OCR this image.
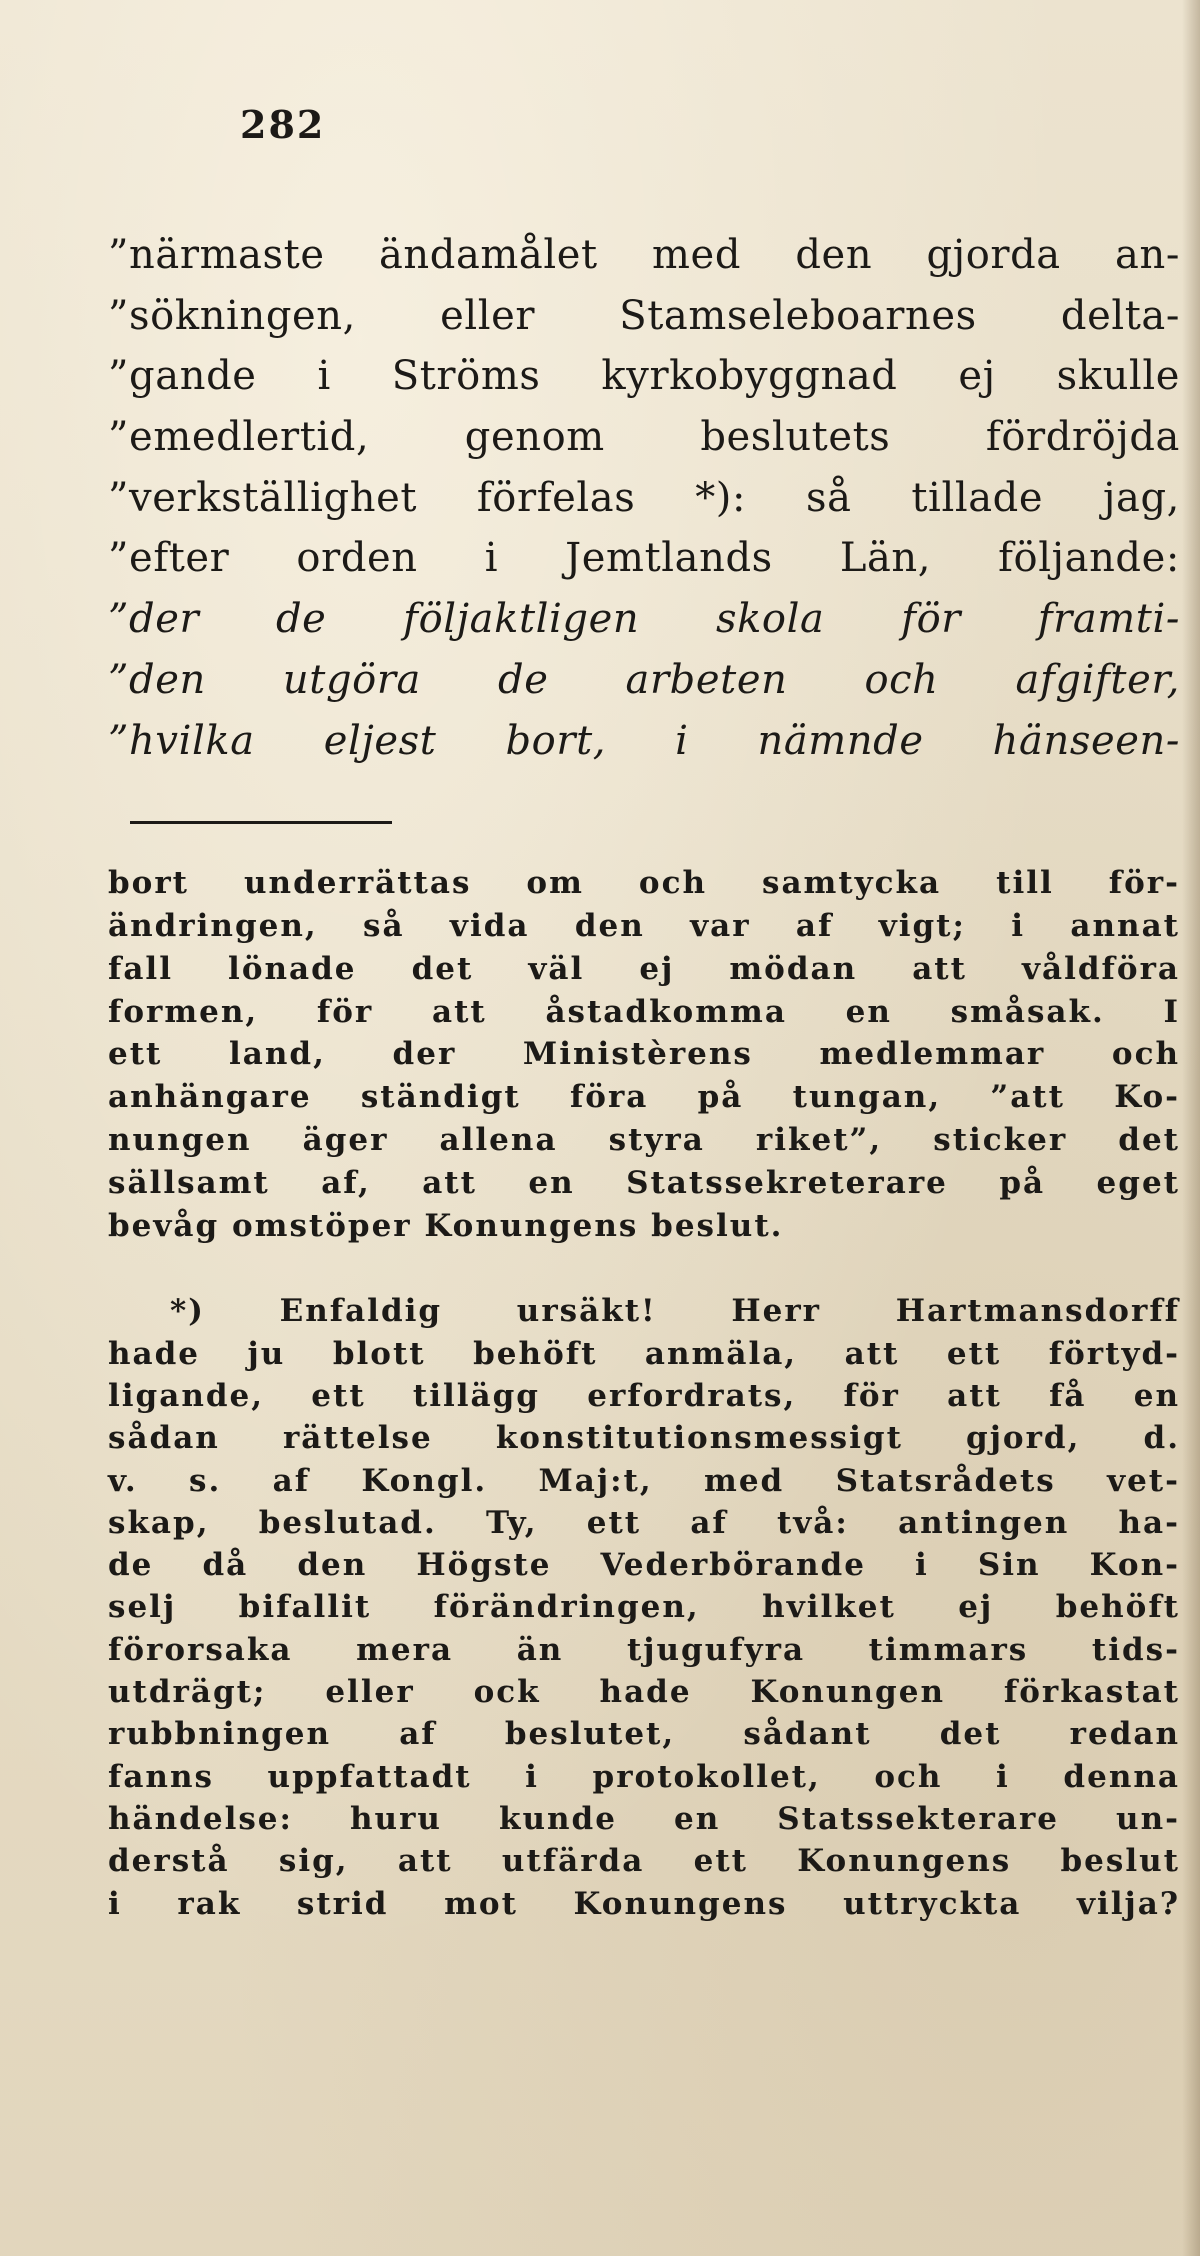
282
”närmaste ändamålet med den gjorda an-
”sökningen, eller Stamseleboarnes delta-
”gande i Ströms kyrkobyggnad ej skulle
”emedlertid, genom beslutets fördröjda
”verkställighet förfelas *): så tillade jag,
”efter orden i Jemtlands Län, följande:
”der de följaktligen skola för framti-
”den utgöra de arbeten och afgifter,
”hvilka eljest bort, i nämnde hänseen-
bort underrättas om och samtycka till för-
ändringen, så vida den var af vigt; i annat
fall lönade det väl ej mödan att våldföra
formen, för att åstadkomma en småsak. I
ett land, der Ministèrens medlemmar och
anhängare ständigt föra på tungan, ”att Ko-
nungen äger allena styra riket”, sticker det
sällsamt af, att en Statssekreterare på eget
bevåg omstöper Konungens beslut.
*) Enfaldig ursäkt! Herr Hartmansdorff
hade ju blott behöft anmäla, att ett förtyd-
ligande, ett tillägg erfordrats, för att få en
sådan rättelse konstitutionsmessigt gjord, d.
v. s. af Kongl. Maj:t, med Statsrådets vet-
skap, beslutad. Ty, ett af två: antingen ha-
de då den Högste Vederbörande i Sin Kon-
selj bifallit förändringen, hvilket ej behöft
förorsaka mera än tjugufyra timmars tids-
utdrägt; eller ock hade Konungen förkastat
rubbningen af beslutet, sådant det redan
fanns uppfattadt i protokollet, och i denna
händelse: huru kunde en Statssekterare un-
derstå sig, att utfärda ett Konungens beslut
i rak strid mot Konungens uttryckta vilja?
